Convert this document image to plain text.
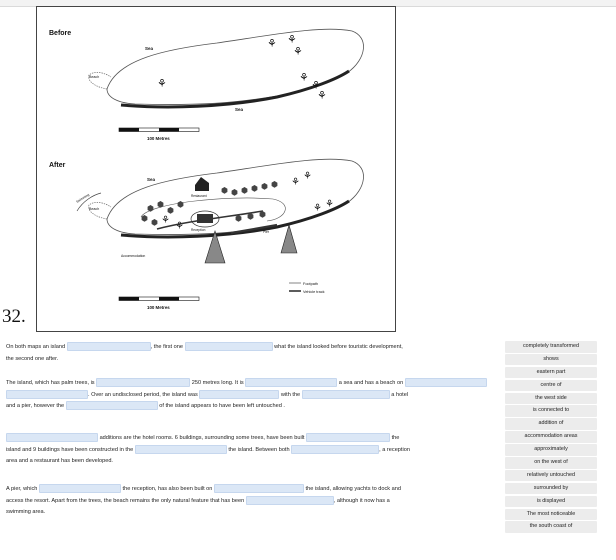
Before
Sea
Sea
Beach
⚘
⚘ ⚘
⚘
⚘
⚘
⚘
100 Metres
After
Swimming
Beach
Sea
Restaurant
Reception
⬢ ⬢ ⬢ ⬢ ⬢ ⬢
⬢ ⬢
⬢
⬢
⬢ ⬢	⬢ ⬢ ⬢
⚘
⚘
⚘ ⚘
⚘
⚘	Pier
Accommodation
Footpath
Vehicle track
100 Metres
32.
On both maps an island	, the first one	what the island looked before touristic development,
the second one after.
The island, which has palm trees, is	250 metres long. It is	a sea and has a beach on
. Over an undisclosed period, the island was	with the	a hotel
and a pier, however the	of the island appears to have been left untouched .
additions are the hotel rooms. 6 buildings, surrounding some trees, have been built	the
island and 9 buildings have been constructed in the	the island. Between both	, a reception
area and a restaurant has been developed.
A pier, which	the reception, has also been built on	the island, allowing yachts to dock and
access the resort. Apart from the trees, the beach remains the only natural feature that has been	, although it now has a
swimming area.
completely transformed
shows
eastern part
centre of
the west side
is connected to
addition of
accommodation areas
approximately
on the west of
relatively untouched
surrounded by
is displayed
The most noticeable
the south coast of
